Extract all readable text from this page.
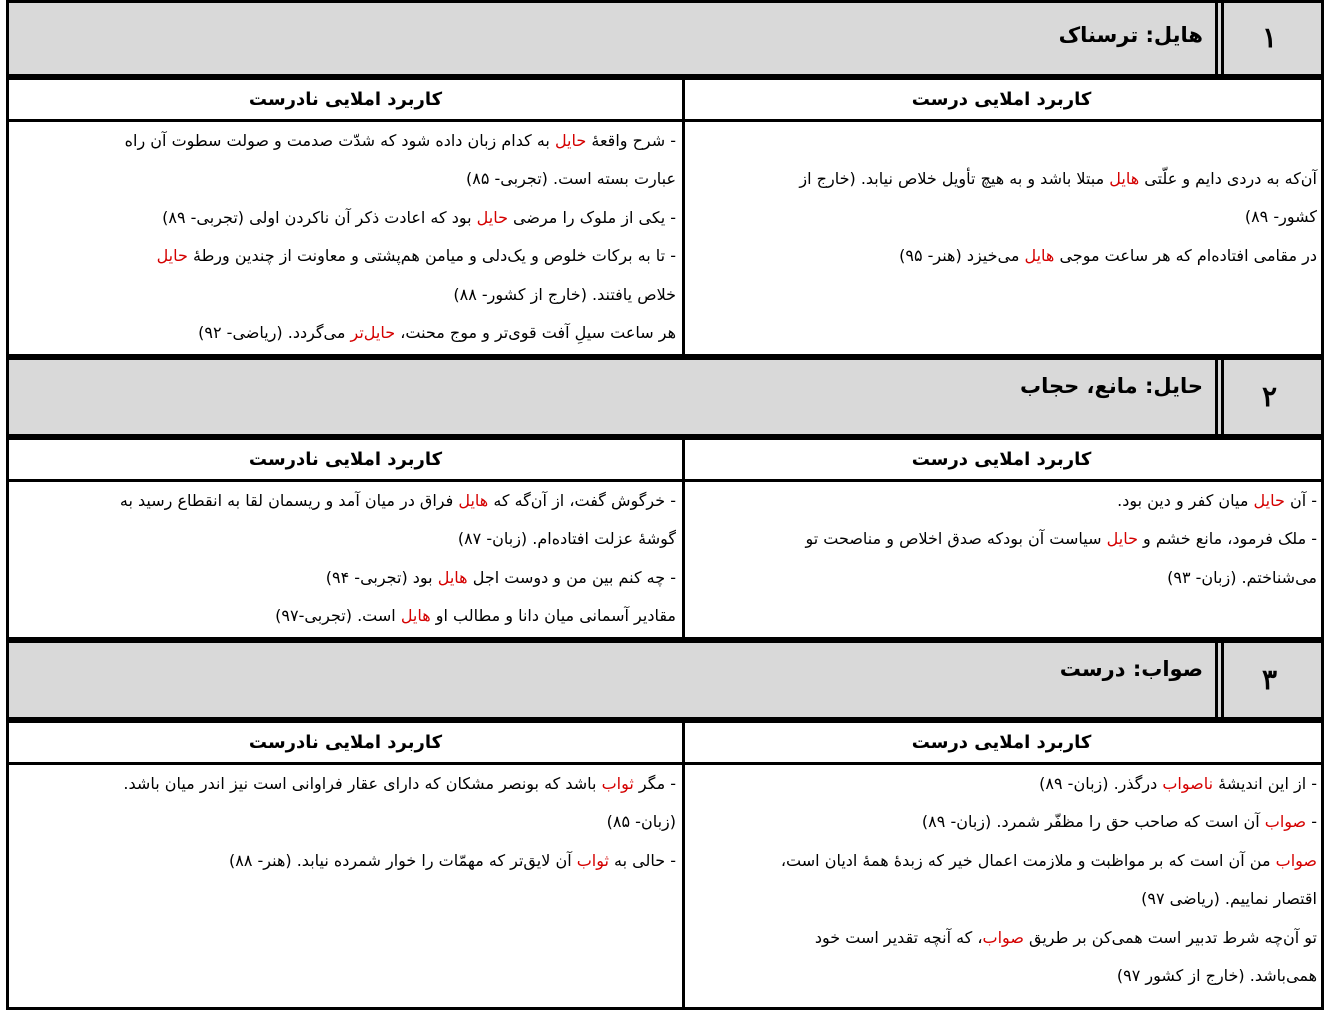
۱
هایل: ترسناک
کاربرد املایی درست
کاربرد املایی نادرست
آن‌که به دردی دایم و علّتی هایل مبتلا باشد و به هیچ تأویل خلاص نیابد. (خارج از
کشور- ۸۹)
در مقامی افتاده‌ام که هر ساعت موجی هایل می‌خیزد (هنر- ۹۵)
- شرح واقعۀ حایل به کدام زبان داده شود که شدّت صدمت و صولت سطوت آن راه
عبارت بسته است. (تجربی- ۸۵)
- یکی از ملوک را مرضی حایل بود که اعادت ذکر آن ناکردن اولی (تجربی- ۸۹)
- تا به برکات خلوص و یک‌دلی و میامن هم‌پشتی و معاونت از چندین ورطۀ حایل
خلاص یافتند. (خارج از کشور- ۸۸)
هر ساعت سیلِ آفت قوی‌تر و موج محنت، حایل‌تر می‌گردد. (ریاضی- ۹۲)
۲
حایل: مانع، حجاب
کاربرد املایی درست
کاربرد املایی نادرست
- آن حایل میان کفر و دین بود.
- ملک فرمود، مانع خشم و حایل سیاست آن بودکه صدق اخلاص و مناصحت تو
می‌شناختم. (زبان- ۹۳)
- خرگوش گفت، از آن‌گه که هایل فراق در میان آمد و ریسمان لقا به انقطاع رسید به
گوشۀ عزلت افتاده‌ام. (زبان- ۸۷)
- چه کنم بین من و دوست اجل هایل بود (تجربی- ۹۴)
مقادیر آسمانی میان دانا و مطالب او هایل است. (تجربی-۹۷)
۳
صواب: درست
کاربرد املایی درست
کاربرد املایی نادرست
- از این اندیشۀ ناصواب درگذر. (زبان- ۸۹)
- صواب آن است که صاحب حق را مظفّر شمرد. (زبان- ۸۹)
صواب من آن است که بر مواظبت و ملازمت اعمال خیر که زبدۀ همۀ ادیان است،
اقتصار نماییم. (ریاضی ۹۷)
تو آن‌چه شرط تدبیر است همی‌کن بر طریق صواب، که آنچه تقدیر است خود
همی‌باشد. (خارج از کشور ۹۷)
- مگر ثواب باشد که بونصر مشکان که دارای عقار فراوانی است نیز اندر میان باشد.
(زبان- ۸۵)
- حالی به ثواب آن لایق‌تر که مهمّات را خوار شمرده نیابد. (هنر- ۸۸)
